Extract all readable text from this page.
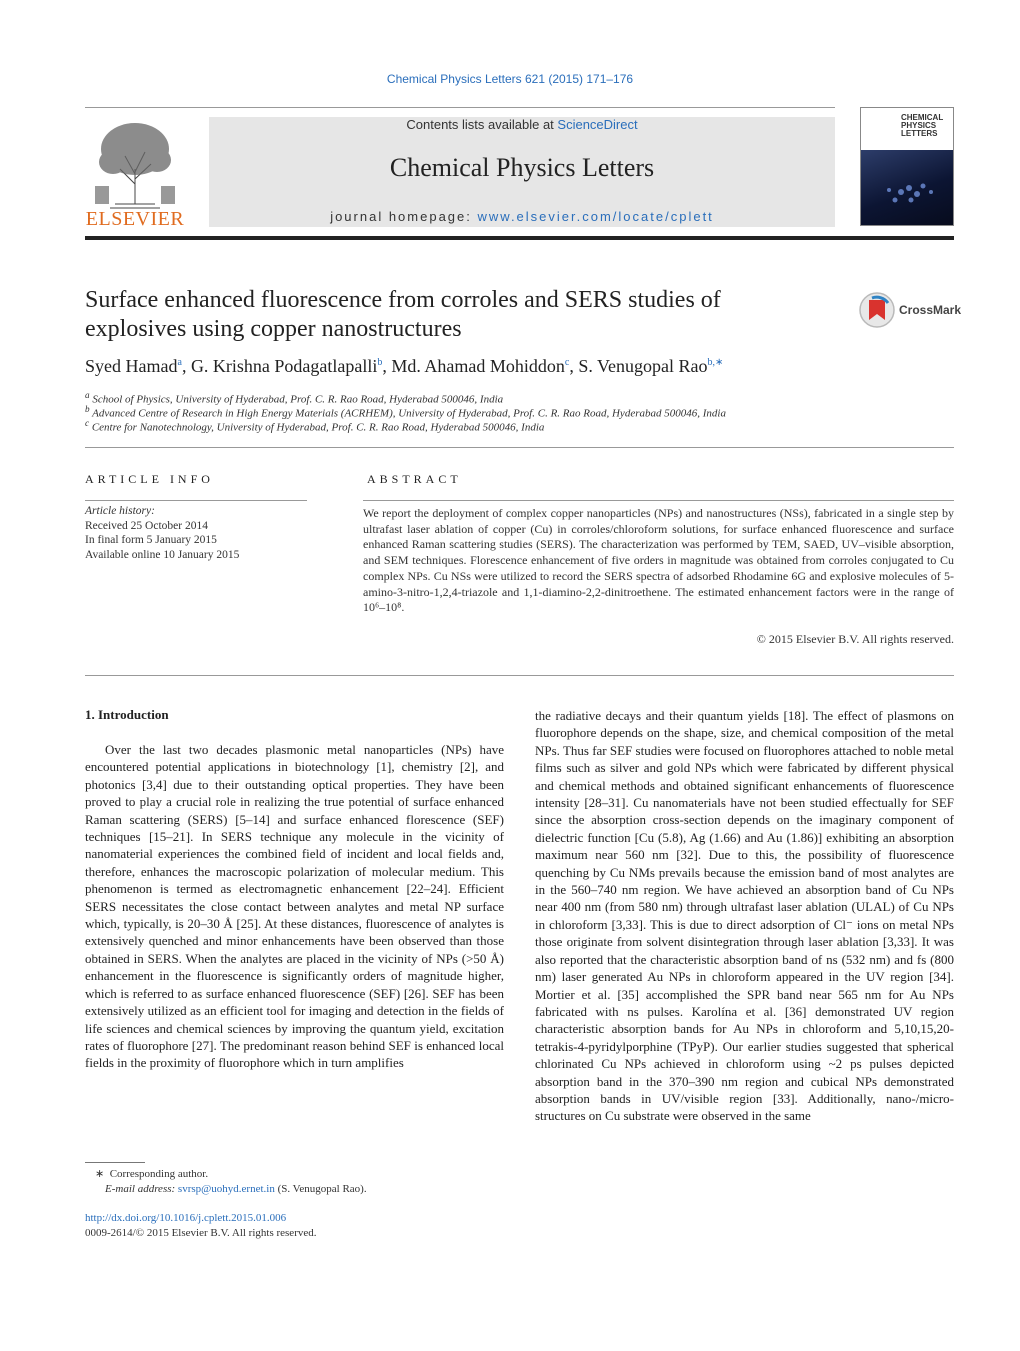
Chemical Physics Letters 621 (2015) 171–176
ELSEVIER
Contents lists available at ScienceDirect
Chemical Physics Letters
journal homepage: www.elsevier.com/locate/cplett
CHEMICAL PHYSICS LETTERS
Surface enhanced fluorescence from corroles and SERS studies of explosives using copper nanostructures
CrossMark
Syed Hamad$^a$, G. Krishna Podagatlapalli$^b$, Md. Ahamad Mohiddon$^c$, S. Venugopal Rao$^{b,∗}$
$^a$ School of Physics, University of Hyderabad, Prof. C. R. Rao Road, Hyderabad 500046, India
$^b$ Advanced Centre of Research in High Energy Materials (ACRHEM), University of Hyderabad, Prof. C. R. Rao Road, Hyderabad 500046, India
$^c$ Centre for Nanotechnology, University of Hyderabad, Prof. C. R. Rao Road, Hyderabad 500046, India
ARTICLE INFO
Article history:
Received 25 October 2014
In final form 5 January 2015
Available online 10 January 2015
ABSTRACT
We report the deployment of complex copper nanoparticles (NPs) and nanostructures (NSs), fabricated in a single step by ultrafast laser ablation of copper (Cu) in corroles/chloroform solutions, for surface enhanced fluorescence and surface enhanced Raman scattering studies (SERS). The characterization was performed by TEM, SAED, UV–visible absorption, and SEM techniques. Florescence enhancement of five orders in magnitude was obtained from corroles conjugated to Cu complex NPs. Cu NSs were utilized to record the SERS spectra of adsorbed Rhodamine 6G and explosive molecules of 5-amino-3-nitro-1,2,4-triazole and 1,1-diamino-2,2-dinitroethene. The estimated enhancement factors were in the range of 10⁶–10⁸.
© 2015 Elsevier B.V. All rights reserved.
1. Introduction
Over the last two decades plasmonic metal nanoparticles (NPs) have encountered potential applications in biotechnology [1], chemistry [2], and photonics [3,4] due to their outstanding optical properties. They have been proved to play a crucial role in realizing the true potential of surface enhanced Raman scattering (SERS) [5–14] and surface enhanced florescence (SEF) techniques [15–21]. In SERS technique any molecule in the vicinity of nanomaterial experiences the combined field of incident and local fields and, therefore, enhances the macroscopic polarization of molecular medium. This phenomenon is termed as electromagnetic enhancement [22–24]. Efficient SERS necessitates the close contact between analytes and metal NP surface which, typically, is 20–30 Å [25]. At these distances, fluorescence of analytes is extensively quenched and minor enhancements have been observed than those obtained in SERS. When the analytes are placed in the vicinity of NPs (>50 Å) enhancement in the fluorescence is significantly orders of magnitude higher, which is referred to as surface enhanced fluorescence (SEF) [26]. SEF has been extensively utilized as an efficient tool for imaging and detection in the fields of life sciences and chemical sciences by improving the quantum yield, excitation rates of fluorophore [27]. The predominant reason behind SEF is enhanced local fields in the proximity of fluorophore which in turn amplifies
the radiative decays and their quantum yields [18]. The effect of plasmons on fluorophore depends on the shape, size, and chemical composition of the metal NPs. Thus far SEF studies were focused on fluorophores attached to noble metal films such as silver and gold NPs which were fabricated by different physical and chemical methods and obtained significant enhancements of fluorescence intensity [28–31]. Cu nanomaterials have not been studied effectually for SEF since the absorption cross-section depends on the imaginary component of dielectric function [Cu (5.8), Ag (1.66) and Au (1.86)] exhibiting an absorption maximum near 560 nm [32]. Due to this, the possibility of fluorescence quenching by Cu NMs prevails because the emission band of most analytes are in the 560–740 nm region. We have achieved an absorption band of Cu NPs near 400 nm (from 580 nm) through ultrafast laser ablation (ULAL) of Cu NPs in chloroform [3,33]. This is due to direct adsorption of Cl⁻ ions on metal NPs those originate from solvent disintegration through laser ablation [3,33]. It was also reported that the characteristic absorption band of ns (532 nm) and fs (800 nm) laser generated Au NPs in chloroform appeared in the UV region [34]. Mortier et al. [35] accomplished the SPR band near 565 nm for Au NPs fabricated with ns pulses. Karolína et al. [36] demonstrated UV region characteristic absorption bands for Au NPs in chloroform and 5,10,15,20-tetrakis-4-pyridylporphine (TPyP). Our earlier studies suggested that spherical chlorinated Cu NPs achieved in chloroform using ~2 ps pulses depicted absorption band in the 370–390 nm region and cubical NPs demonstrated absorption bands in UV/visible region [33]. Additionally, nano-/micro-structures on Cu substrate were observed in the same
∗ Corresponding author.
E-mail address: svrsp@uohyd.ernet.in (S. Venugopal Rao).
http://dx.doi.org/10.1016/j.cplett.2015.01.006
0009-2614/© 2015 Elsevier B.V. All rights reserved.
